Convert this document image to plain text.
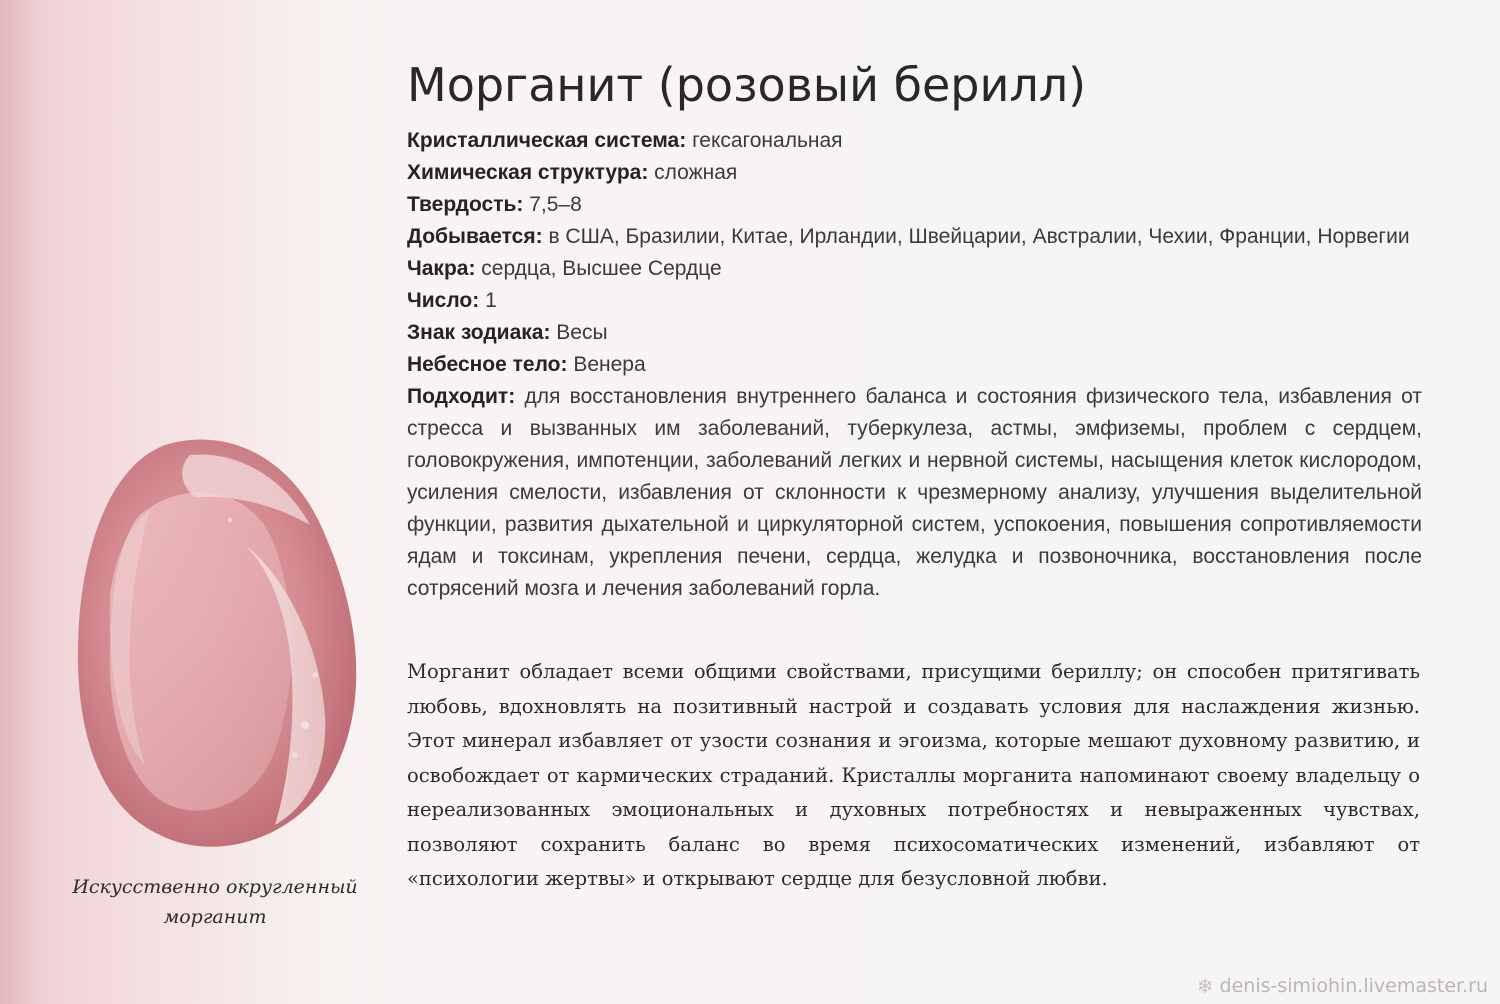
Искусственно округленный
морганит
Морганит (розовый берилл)
Кристаллическая система: гексагональная
Химическая структура: сложная
Твердость: 7,5–8
Добывается: в США, Бразилии, Китае, Ирландии, Швейцарии, Австралии, Чехии, Франции, Норвегии
Чакра: сердца, Высшее Сердце
Число: 1
Знак зодиака: Весы
Небесное тело: Венера
Подходит: для восстановления внутреннего баланса и состояния физического тела, избавления от стресса и вызванных им заболеваний, туберкулеза, астмы, эмфиземы, проблем с сердцем, головокружения, импотенции, заболеваний легких и нервной системы, насыщения клеток кислородом, усиления смелости, избавления от склонности к чрезмерному анализу, улучшения выделительной функции, развития дыхательной и циркуляторной систем, успокоения, повышения сопротивляемости ядам и токсинам, укрепления печени, сердца, желудка и позвоночника, восстановления после сотрясений мозга и лечения заболеваний горла.

Морганит обладает всеми общими свойствами, присущими бериллу; он способен притягивать любовь, вдохновлять на позитивный настрой и создавать условия для наслаждения жизнью. Этот минерал избавляет от узости сознания и эгоизма, которые мешают духовному развитию, и освобождает от кармических страданий. Кристаллы морганита напоминают своему владельцу о нереализованных эмоциональных и духовных потребностях и невыраженных чувствах, позволяют сохранить баланс во время психосоматических изменений, избавляют от «психологии жертвы» и открывают сердце для безусловной любви.

❄ denis-simiohin.livemaster.ru
